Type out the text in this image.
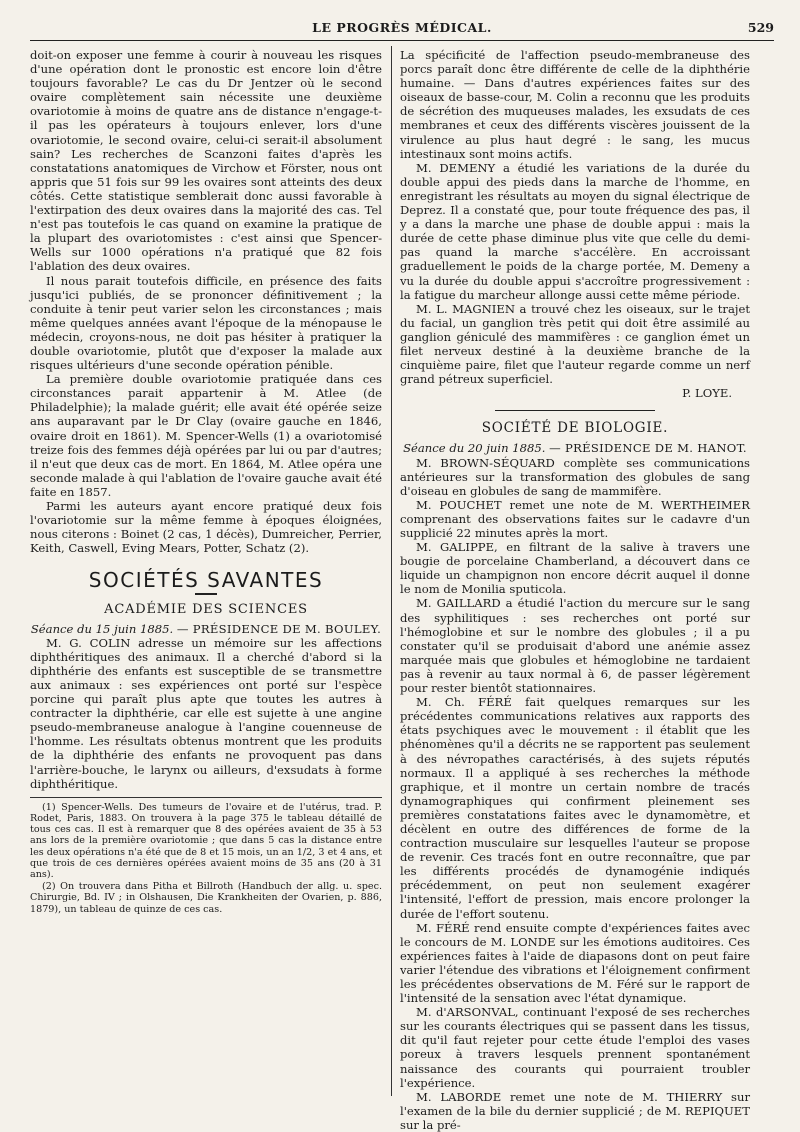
LE PROGRÈS MÉDICAL.	529

doit-on exposer une femme à courir à nouveau les risques d'une opération dont le pronostic est encore loin d'être toujours favorable? Le cas du Dr Jentzer où le second ovaire complètement sain nécessite une deuxième ovariotomie à moins de quatre ans de distance n'engage-t-il pas les opérateurs à toujours enlever, lors d'une ovariotomie, le second ovaire, celui-ci serait-il absolument sain? Les recherches de Scanzoni faites d'après les constatations anatomiques de Virchow et Förster, nous ont appris que 51 fois sur 99 les ovaires sont atteints des deux côtés. Cette statistique semblerait donc aussi favorable à l'extirpation des deux ovaires dans la majorité des cas. Tel n'est pas toutefois le cas quand on examine la pratique de la plupart des ovariotomistes : c'est ainsi que Spencer-Wells sur 1000 opérations n'a pratiqué que 82 fois l'ablation des deux ovaires.

Il nous parait toutefois difficile, en présence des faits jusqu'ici publiés, de se prononcer définitivement ; la conduite à tenir peut varier selon les circonstances ; mais même quelques années avant l'époque de la ménopause le médecin, croyons-nous, ne doit pas hésiter à pratiquer la double ovariotomie, plutôt que d'exposer la malade aux risques ultérieurs d'une seconde opération pénible.

La première double ovariotomie pratiquée dans ces circonstances parait appartenir à M. Atlee (de Philadelphie); la malade guérit; elle avait été opérée seize ans auparavant par le Dr Clay (ovaire gauche en 1846, ovaire droit en 1861). M. Spencer-Wells (1) a ovariotomisé treize fois des femmes déjà opérées par lui ou par d'autres; il n'eut que deux cas de mort. En 1864, M. Atlee opéra une seconde malade à qui l'ablation de l'ovaire gauche avait été faite en 1857.

Parmi les auteurs ayant encore pratiqué deux fois l'ovariotomie sur la même femme à époques éloignées, nous citerons : Boinet (2 cas, 1 décès), Dumreicher, Perrier, Keith, Caswell, Eving Mears, Potter, Schatz (2).

SOCIÉTÉS SAVANTES
ACADÉMIE DES SCIENCES

Séance du 15 juin 1885. — PRÉSIDENCE DE M. BOULEY.

M. G. COLIN adresse un mémoire sur les affections diphthéritiques des animaux. Il a cherché d'abord si la diphthérie des enfants est susceptible de se transmettre aux animaux : ses expériences ont porté sur l'espèce porcine qui paraît plus apte que toutes les autres à contracter la diphthérie, car elle est sujette à une angine pseudo-membraneuse analogue à l'angine couenneuse de l'homme. Les résultats obtenus montrent que les produits de la diphthérie des enfants ne provoquent pas dans l'arrière-bouche, le larynx ou ailleurs, d'exsudats à forme diphthéritique.

(1) Spencer-Wells. Des tumeurs de l'ovaire et de l'utérus, trad. P. Rodet, Paris, 1883. On trouvera à la page 375 le tableau détaillé de tous ces cas. Il est à remarquer que 8 des opérées avaient de 35 à 53 ans lors de la première ovariotomie ; que dans 5 cas la distance entre les deux opérations n'a été que de 8 et 15 mois, un an 1/2, 3 et 4 ans, et que trois de ces dernières opérées avaient moins de 35 ans (20 à 31 ans).

(2) On trouvera dans Pitha et Billroth (Handbuch der allg. u. spec. Chirurgie, Bd. IV ; in Olshausen, Die Krankheiten der Ovarien, p. 886, 1879), un tableau de quinze de ces cas.

La spécificité de l'affection pseudo-membraneuse des porcs paraît donc être différente de celle de la diphthérie humaine. — Dans d'autres expériences faites sur des oiseaux de basse-cour, M. Colin a reconnu que les produits de sécrétion des muqueuses malades, les exsudats de ces membranes et ceux des différents viscères jouissent de la virulence au plus haut degré : le sang, les mucus intestinaux sont moins actifs.

M. DEMENY a étudié les variations de la durée du double appui des pieds dans la marche de l'homme, en enregistrant les résultats au moyen du signal électrique de Deprez. Il a constaté que, pour toute fréquence des pas, il y a dans la marche une phase de double appui : mais la durée de cette phase diminue plus vite que celle du demi-pas quand la marche s'accélère. En accroissant graduellement le poids de la charge portée, M. Demeny a vu la durée du double appui s'accroître progressivement : la fatigue du marcheur allonge aussi cette même période.

M. L. MAGNIEN a trouvé chez les oiseaux, sur le trajet du facial, un ganglion très petit qui doit être assimilé au ganglion géniculé des mammifères : ce ganglion émet un filet nerveux destiné à la deuxième branche de la cinquième paire, filet que l'auteur regarde comme un nerf grand pétreux superficiel.

P. LOYE.

SOCIÉTÉ DE BIOLOGIE.

Séance du 20 juin 1885. — PRÉSIDENCE DE M. HANOT.

M. BROWN-SÉQUARD complète ses communications antérieures sur la transformation des globules de sang d'oiseau en globules de sang de mammifère.

M. POUCHET remet une note de M. WERTHEIMER comprenant des observations faites sur le cadavre d'un supplicié 22 minutes après la mort.

M. GALIPPE, en filtrant de la salive à travers une bougie de porcelaine Chamberland, a découvert dans ce liquide un champignon non encore décrit auquel il donne le nom de Monilia sputicola.

M. GAILLARD a étudié l'action du mercure sur le sang des syphilitiques : ses recherches ont porté sur l'hémoglobine et sur le nombre des globules ; il a pu constater qu'il se produisait d'abord une anémie assez marquée mais que globules et hémoglobine ne tardaient pas à revenir au taux normal à 6, de passer légèrement pour rester bientôt stationnaires.

M. Ch. FÉRÉ fait quelques remarques sur les précédentes communications relatives aux rapports des états psychiques avec le mouvement : il établit que les phénomènes qu'il a décrits ne se rapportent pas seulement à des névropathes caractérisés, à des sujets réputés normaux. Il a appliqué à ses recherches la méthode graphique, et il montre un certain nombre de tracés dynamographiques qui confirment pleinement ses premières constatations faites avec le dynamomètre, et décèlent en outre des différences de forme de la contraction musculaire sur lesquelles l'auteur se propose de revenir. Ces tracés font en outre reconnaître, que par les différents procédés de dynamogénie indiqués précédemment, on peut non seulement exagérer l'intensité, l'effort de pression, mais encore prolonger la durée de l'effort soutenu.

M. FÉRÉ rend ensuite compte d'expériences faites avec le concours de M. LONDE sur les émotions auditoires. Ces expériences faites à l'aide de diapasons dont on peut faire varier l'étendue des vibrations et l'éloignement confirment les précédentes observations de M. Féré sur le rapport de l'intensité de la sensation avec l'état dynamique.

M. d'ARSONVAL, continuant l'exposé de ses recherches sur les courants électriques qui se passent dans les tissus, dit qu'il faut rejeter pour cette étude l'emploi des vases poreux à travers lesquels prennent spontanément naissance des courants qui pourraient troubler l'expérience.

M. LABORDE remet une note de M. THIERRY sur l'examen de la bile du dernier supplicié ; de M. REPIQUET sur la pré-
